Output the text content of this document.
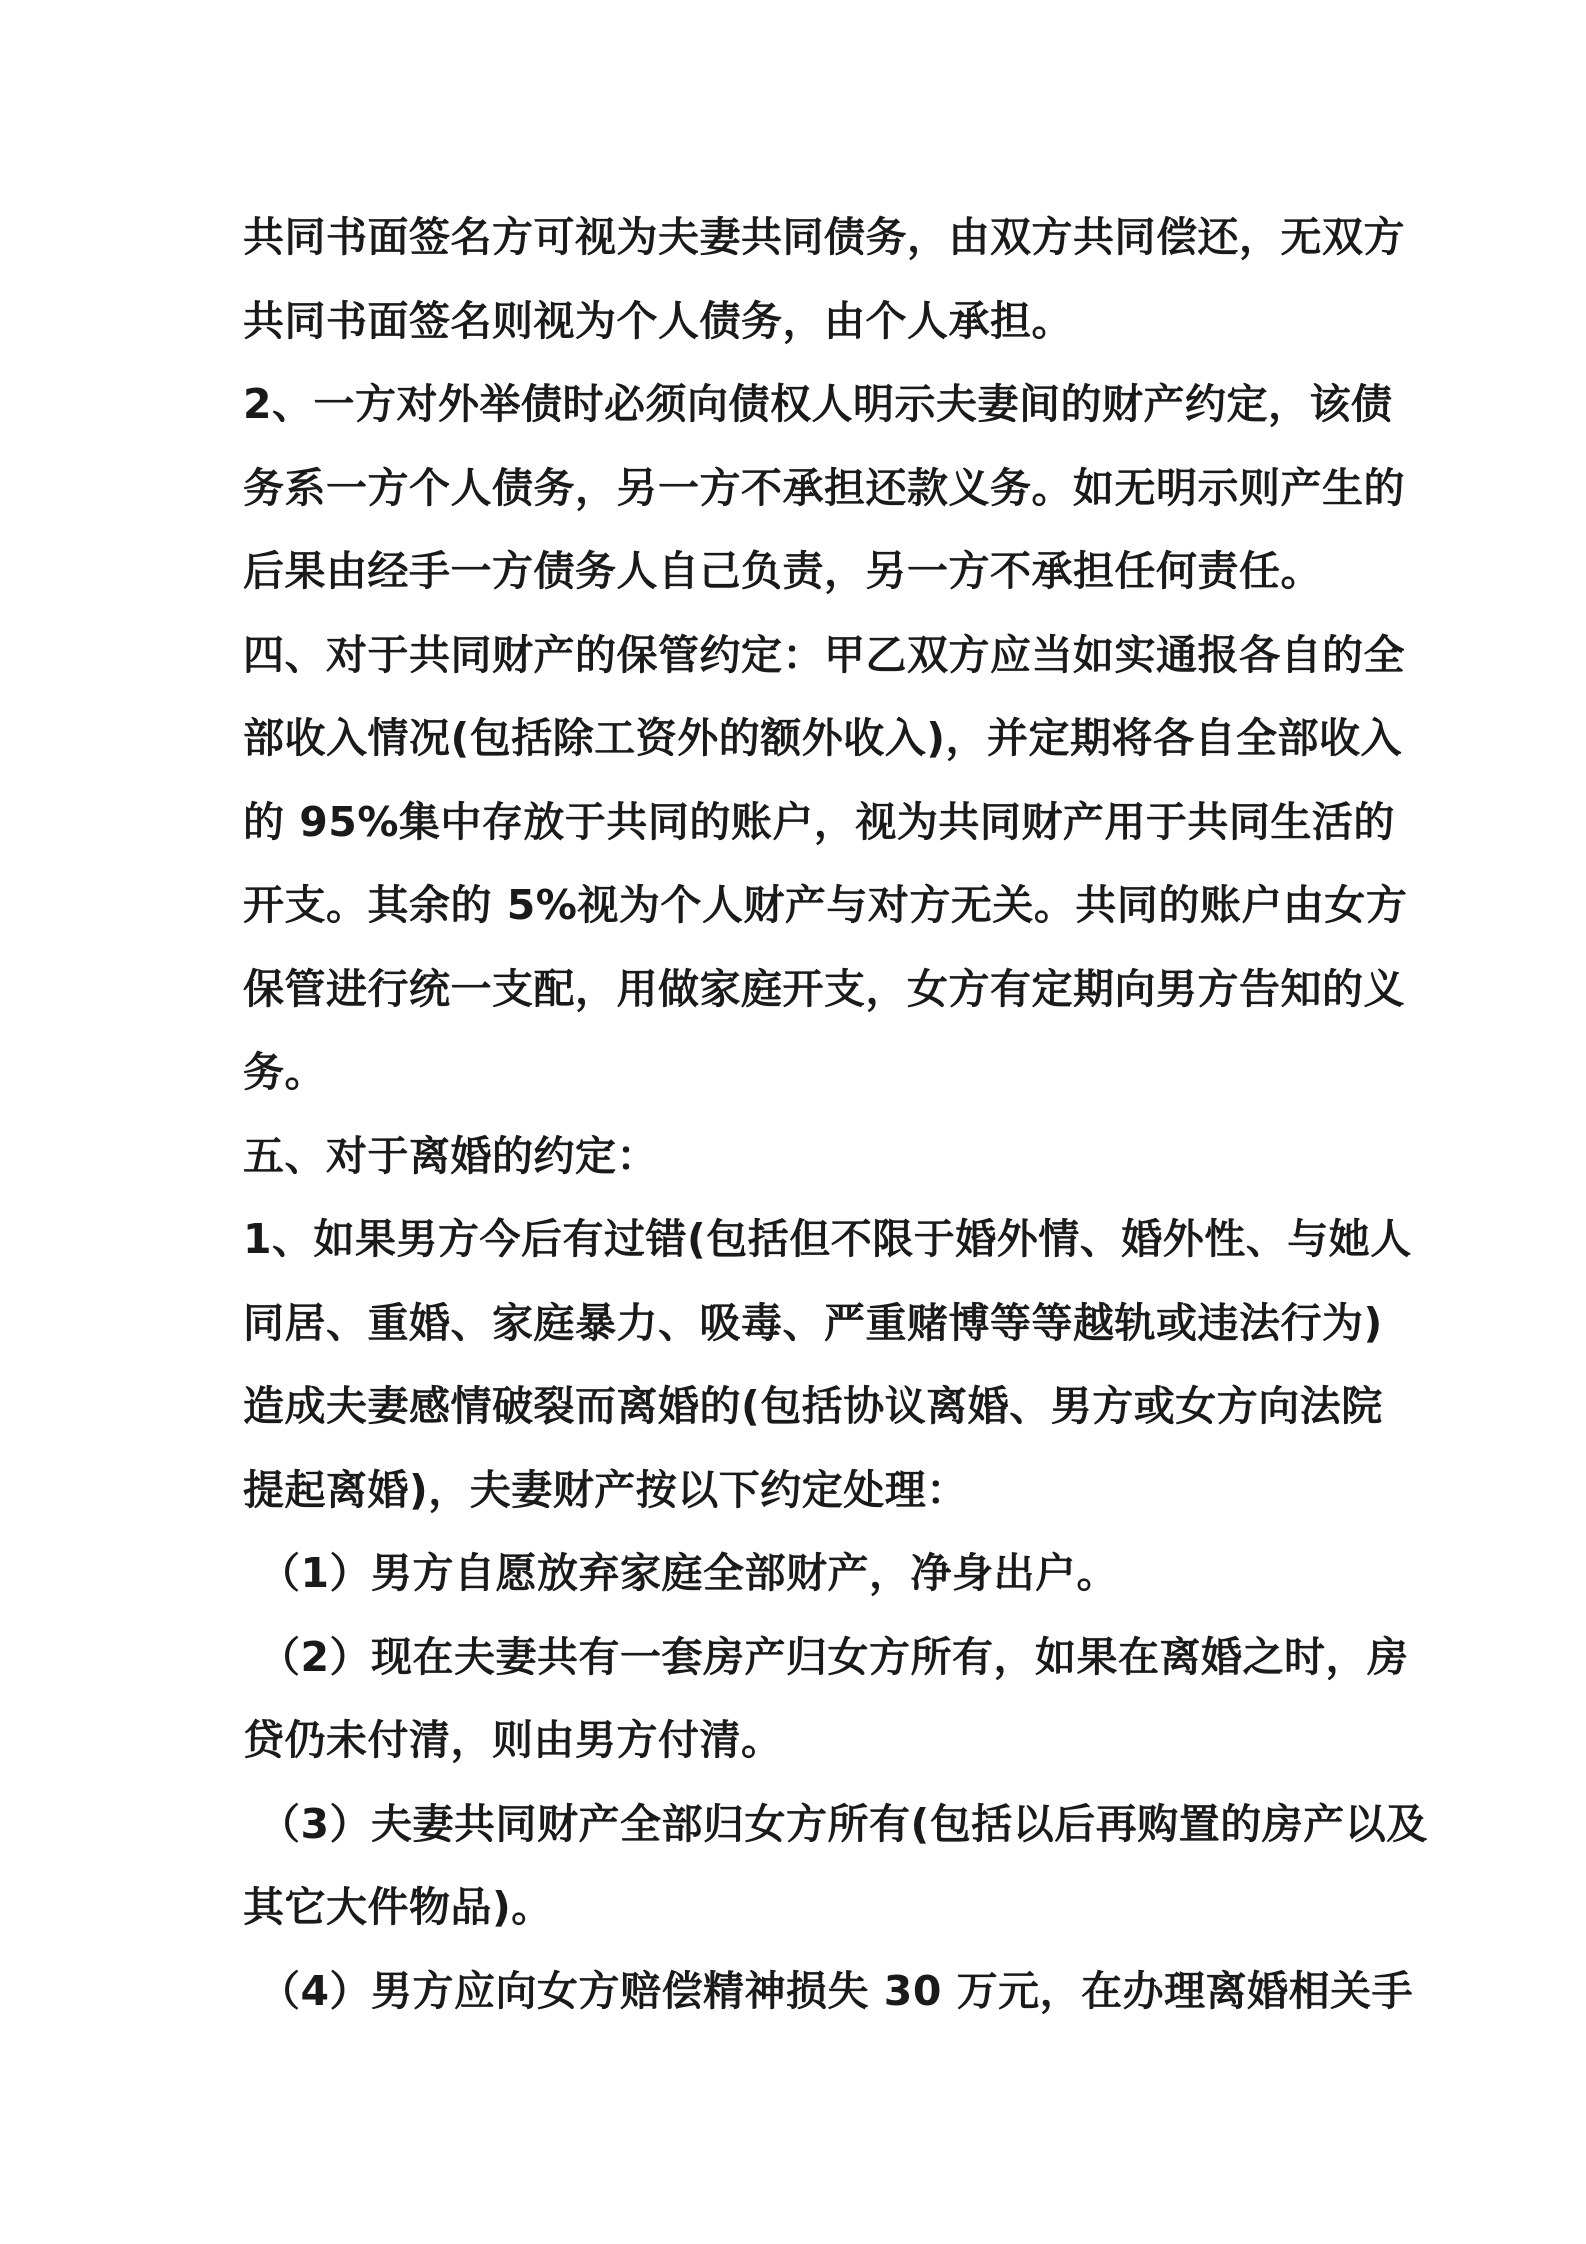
共同书面签名方可视为夫妻共同债务，由双方共同偿还，无双方
共同书面签名则视为个人债务，由个人承担。
2、一方对外举债时必须向债权人明示夫妻间的财产约定，该债
务系一方个人债务，另一方不承担还款义务。如无明示则产生的
后果由经手一方债务人自己负责，另一方不承担任何责任。
四、对于共同财产的保管约定：甲乙双方应当如实通报各自的全
部收入情况(包括除工资外的额外收入)，并定期将各自全部收入
的 95%集中存放于共同的账户，视为共同财产用于共同生活的
开支。其余的 5%视为个人财产与对方无关。共同的账户由女方
保管进行统一支配，用做家庭开支，女方有定期向男方告知的义
务。
五、对于离婚的约定：
1、如果男方今后有过错(包括但不限于婚外情、婚外性、与她人
同居、重婚、家庭暴力、吸毒、严重赌博等等越轨或违法行为)
造成夫妻感情破裂而离婚的(包括协议离婚、男方或女方向法院
提起离婚)，夫妻财产按以下约定处理：
（1）男方自愿放弃家庭全部财产，净身出户。
（2）现在夫妻共有一套房产归女方所有，如果在离婚之时，房
贷仍未付清，则由男方付清。
（3）夫妻共同财产全部归女方所有(包括以后再购置的房产以及
其它大件物品)。
（4）男方应向女方赔偿精神损失 30 万元，在办理离婚相关手
